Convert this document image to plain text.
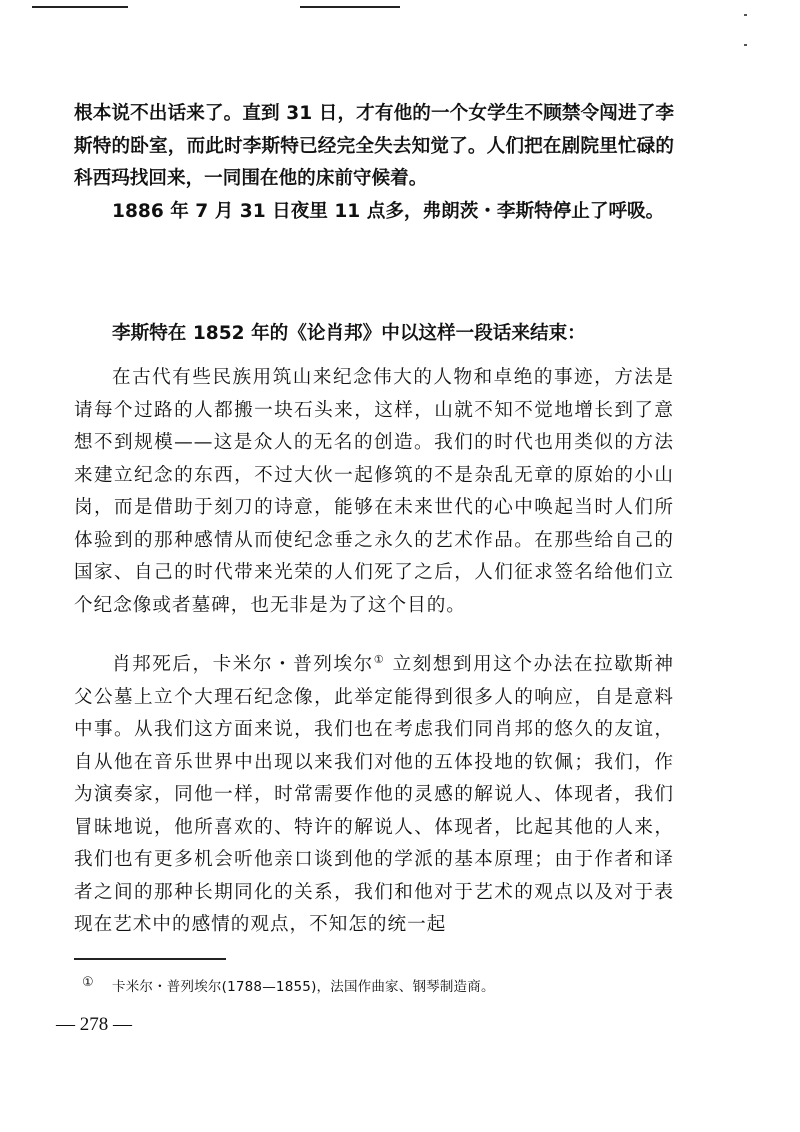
根本说不出话来了。直到 31 日，才有他的一个女学生不顾禁令闯进了李斯特的卧室，而此时李斯特已经完全失去知觉了。人们把在剧院里忙碌的科西玛找回来，一同围在他的床前守候着。

1886 年 7 月 31 日夜里 11 点多，弗朗茨・李斯特停止了呼吸。

李斯特在 1852 年的《论肖邦》中以这样一段话来结束：

在古代有些民族用筑山来纪念伟大的人物和卓绝的事迹，方法是请每个过路的人都搬一块石头来，这样，山就不知不觉地增长到了意想不到规模——这是众人的无名的创造。我们的时代也用类似的方法来建立纪念的东西，不过大伙一起修筑的不是杂乱无章的原始的小山岗，而是借助于刻刀的诗意，能够在未来世代的心中唤起当时人们所体验到的那种感情从而使纪念垂之永久的艺术作品。在那些给自己的国家、自己的时代带来光荣的人们死了之后，人们征求签名给他们立个纪念像或者墓碑，也无非是为了这个目的。

肖邦死后，卡米尔・普列埃尔① 立刻想到用这个办法在拉歇斯神父公墓上立个大理石纪念像，此举定能得到很多人的响应，自是意料中事。从我们这方面来说，我们也在考虑我们同肖邦的悠久的友谊，自从他在音乐世界中出现以来我们对他的五体投地的钦佩；我们，作为演奏家，同他一样，时常需要作他的灵感的解说人、体现者，我们冒昧地说，他所喜欢的、特许的解说人、体现者，比起其他的人来，我们也有更多机会听他亲口谈到他的学派的基本原理；由于作者和译者之间的那种长期同化的关系，我们和他对于艺术的观点以及对于表现在艺术中的感情的观点，不知怎的统一起

① 卡米尔・普列埃尔(1788—1855)，法国作曲家、钢琴制造商。
— 278 —
